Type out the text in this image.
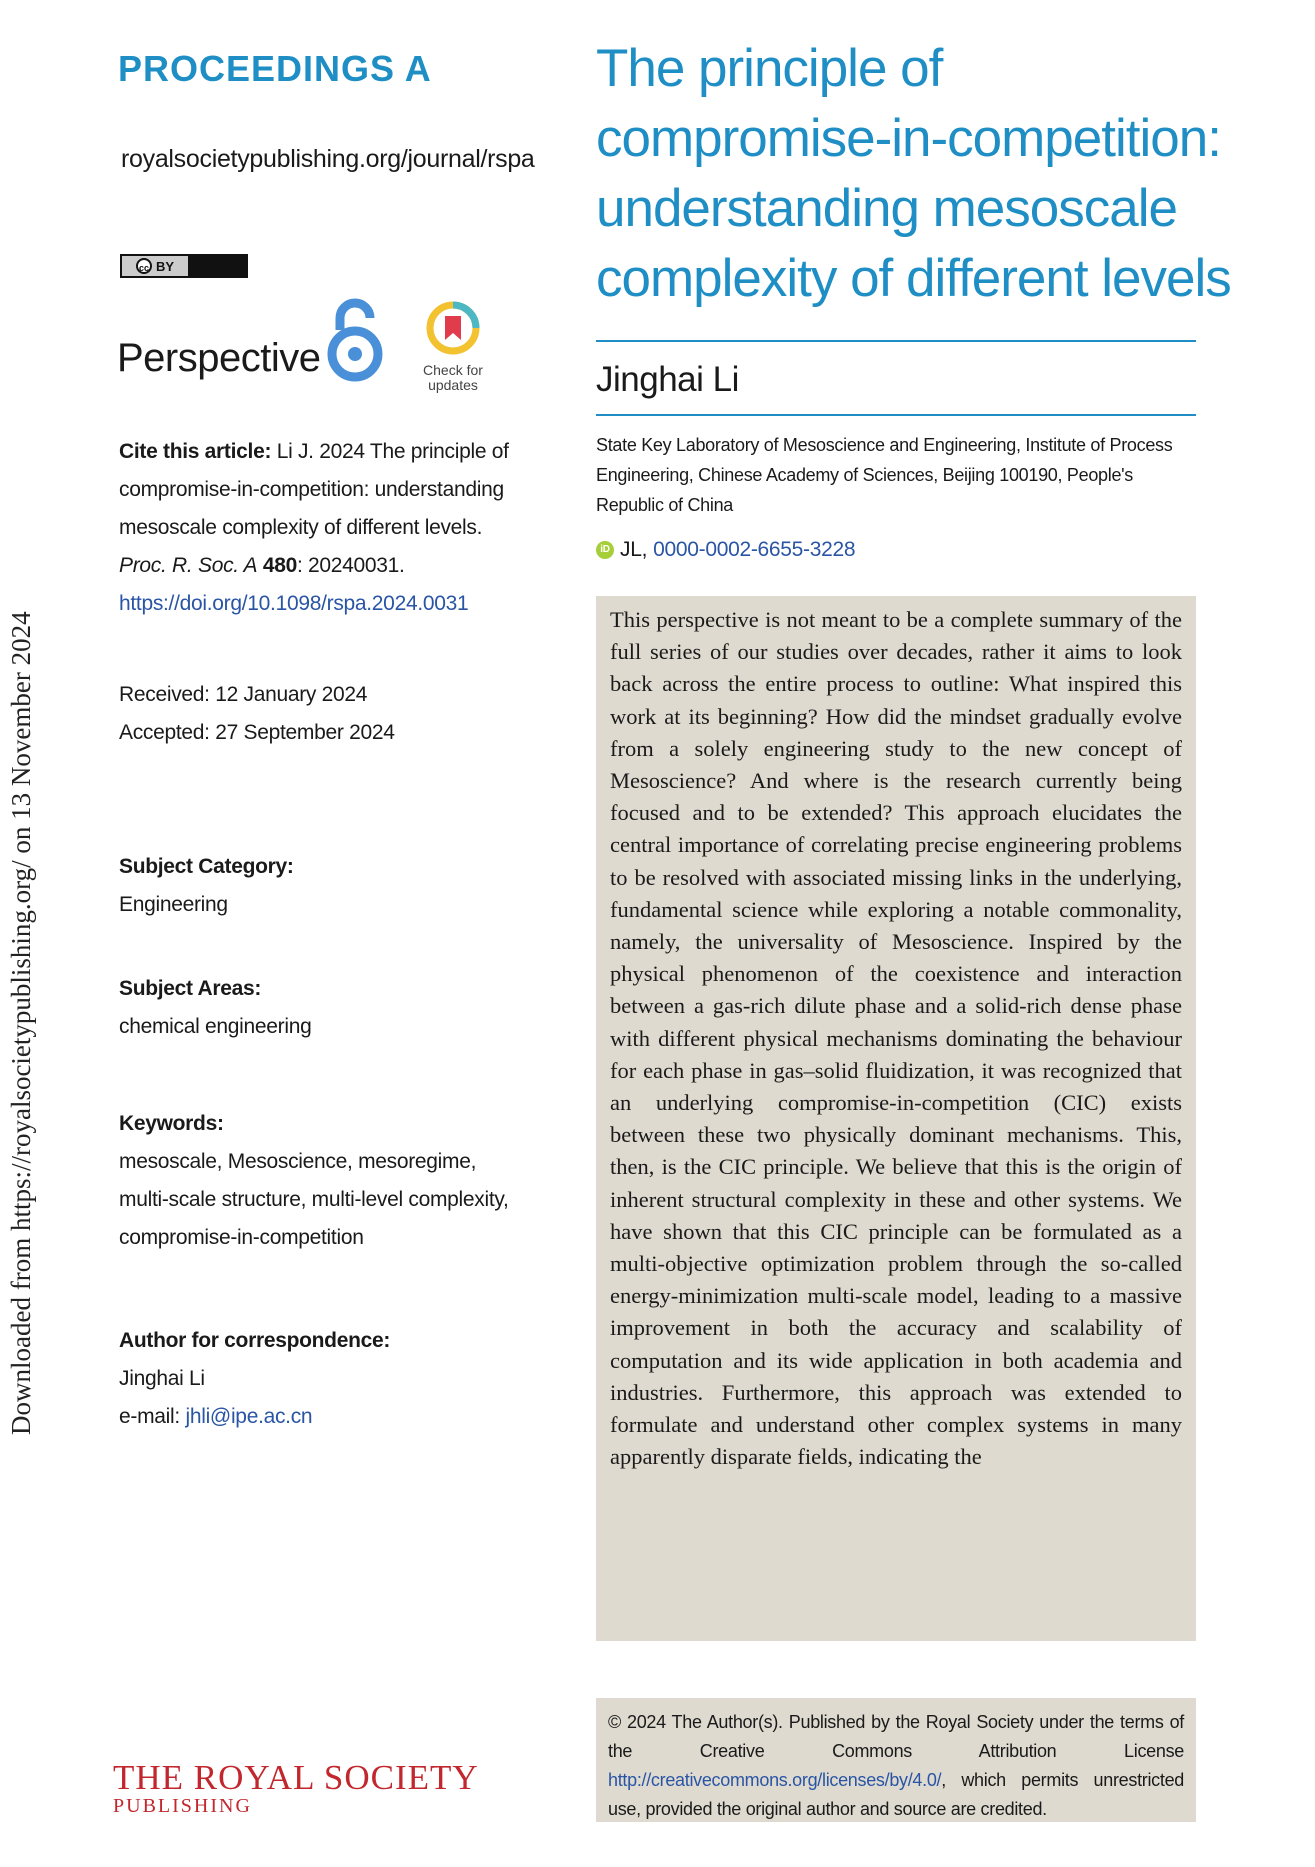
Downloaded from https://royalsocietypublishing.org/ on 13 November 2024
PROCEEDINGS A
royalsocietypublishing.org/journal/rspa
cc BY
Perspective	Check for updates
Cite this article: Li J. 2024 The principle of compromise-in-competition: understanding mesoscale complexity of different levels. Proc. R. Soc. A 480: 20240031.
https://doi.org/10.1098/rspa.2024.0031
Received: 12 January 2024
Accepted: 27 September 2024
Subject Category:
Engineering
Subject Areas:
chemical engineering
Keywords:
mesoscale, Mesoscience, mesoregime, multi-scale structure, multi-level complexity, compromise-in-competition
Author for correspondence:
Jinghai Li
e-mail: jhli@ipe.ac.cn
THE ROYAL SOCIETY
PUBLISHING
The principle of compromise-in-competition: understanding mesoscale complexity of different levels
Jinghai Li
State Key Laboratory of Mesoscience and Engineering, Institute of Process Engineering, Chinese Academy of Sciences, Beijing 100190, People's Republic of China
iD JL, 0000-0002-6655-3228

This perspective is not meant to be a complete summary of the full series of our studies over decades, rather it aims to look back across the entire process to outline: What inspired this work at its beginning? How did the mindset gradually evolve from a solely engineering study to the new concept of Mesoscience? And where is the research currently being focused and to be extended? This approach elucidates the central importance of correlating precise engineering problems to be resolved with associated missing links in the underlying, fundamental science while exploring a notable commonality, namely, the universality of Mesoscience. Inspired by the physical phenomenon of the coexistence and interaction between a gas-rich dilute phase and a solid-rich dense phase with different physical mechanisms dominating the behaviour for each phase in gas–solid fluidization, it was recognized that an underlying compromise-in-competition (CIC) exists between these two physically dominant mechanisms. This, then, is the CIC principle. We believe that this is the origin of inherent structural complexity in these and other systems. We have shown that this CIC principle can be formulated as a multi-objective optimization problem through the so-called energy-minimization multi-scale model, leading to a massive improvement in both the accuracy and scalability of computation and its wide application in both academia and industries. Furthermore, this approach was extended to formulate and understand other complex systems in many apparently disparate fields, indicating the

© 2024 The Author(s). Published by the Royal Society under the terms of the Creative Commons Attribution License http://creativecommons.org/licenses/by/4.0/, which permits unrestricted use, provided the original author and source are credited.
